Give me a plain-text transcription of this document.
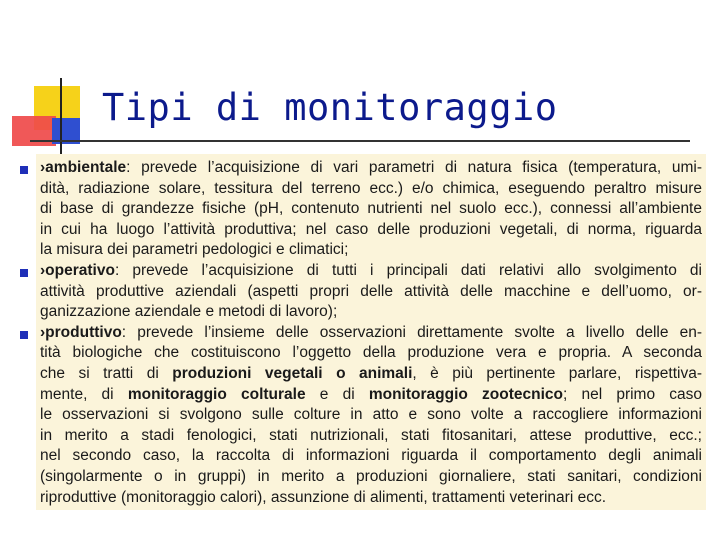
Tipi di monitoraggio
›ambientale: prevede l’acquisizione di vari parametri di natura fisica (temperatura, umi-
dità, radiazione solare, tessitura del terreno ecc.) e/o chimica, eseguendo peraltro misure
di base di grandezze fisiche (pH, contenuto nutrienti nel suolo ecc.), connessi all’ambiente
in cui ha luogo l’attività produttiva; nel caso delle produzioni vegetali, di norma, riguarda
la misura dei parametri pedologici e climatici;
›operativo: prevede l’acquisizione di tutti i principali dati relativi allo svolgimento di
attività produttive aziendali (aspetti propri delle attività delle macchine e dell’uomo, or-
ganizzazione aziendale e metodi di lavoro);
›produttivo: prevede l’insieme delle osservazioni direttamente svolte a livello delle en-
tità biologiche che costituiscono l’oggetto della produzione vera e propria. A seconda
che si tratti di produzioni vegetali o animali, è più pertinente parlare, rispettiva-
mente, di monitoraggio colturale e di monitoraggio zootecnico; nel primo caso
le osservazioni si svolgono sulle colture in atto e sono volte a raccogliere informazioni
in merito a stadi fenologici, stati nutrizionali, stati fitosanitari, attese produttive, ecc.;
nel secondo caso, la raccolta di informazioni riguarda il comportamento degli animali
(singolarmente o in gruppi) in merito a produzioni giornaliere, stati sanitari, condizioni
riproduttive (monitoraggio calori), assunzione di alimenti, trattamenti veterinari ecc.
